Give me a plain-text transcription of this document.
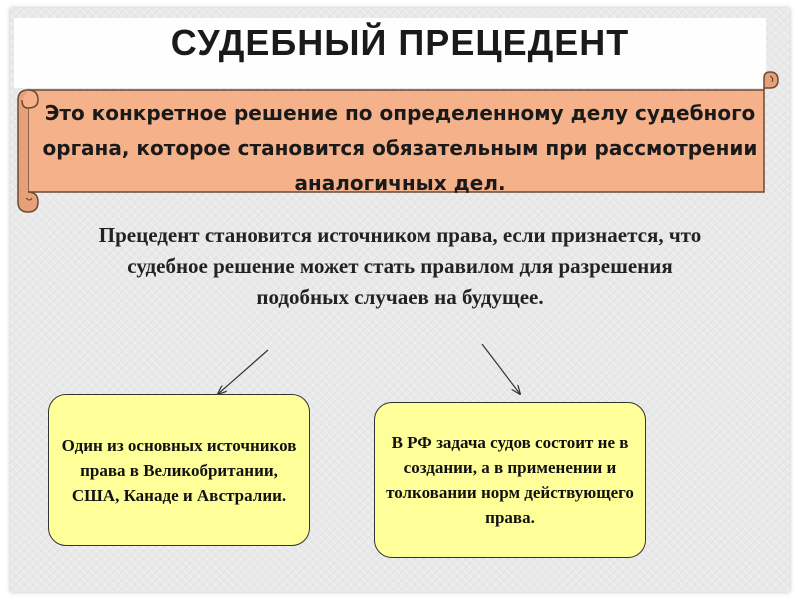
СУДЕБНЫЙ ПРЕЦЕДЕНТ
Это конкретное решение по определенному делу судебного органа, которое становится обязательным при рассмотрении аналогичных дел.
Прецедент становится источником права, если признается, что судебное решение может стать правилом для разрешения подобных случаев на будущее.
Один из основных источников права в Великобритании, США, Канаде и Австралии.
В РФ задача судов состоит не в создании, а в применении и толковании норм действующего права.
